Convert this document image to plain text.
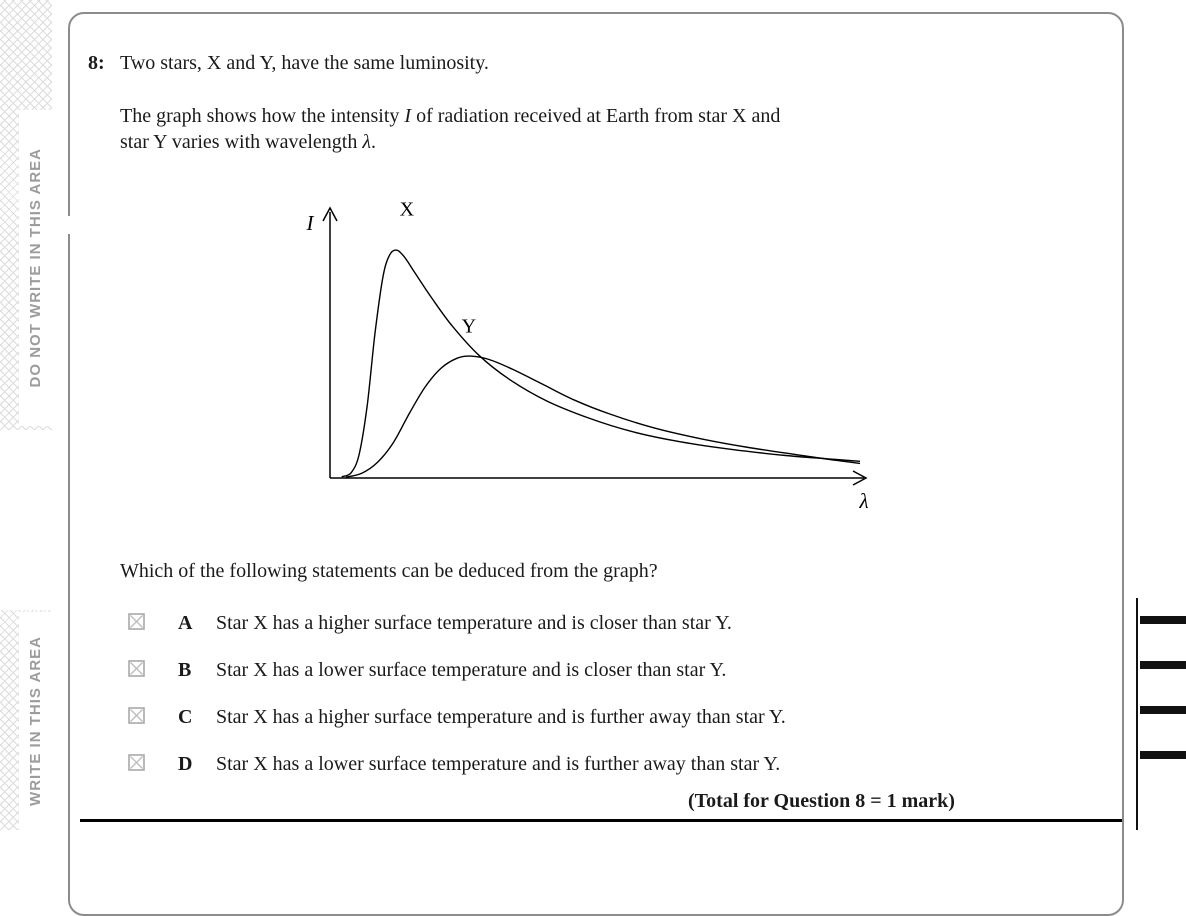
DO NOT WRITE IN THIS AREA
WRITE IN THIS AREA
8: Two stars, X and Y, have the same luminosity.
The graph shows how the intensity I of radiation received at Earth from star X and
star Y varies with wavelength λ.
I
λ
X
Y
Which of the following statements can be deduced from the graph?
A Star X has a higher surface temperature and is closer than star Y.
B Star X has a lower surface temperature and is closer than star Y.
C Star X has a higher surface temperature and is further away than star Y.
D Star X has a lower surface temperature and is further away than star Y.
(Total for Question 8 = 1 mark)
